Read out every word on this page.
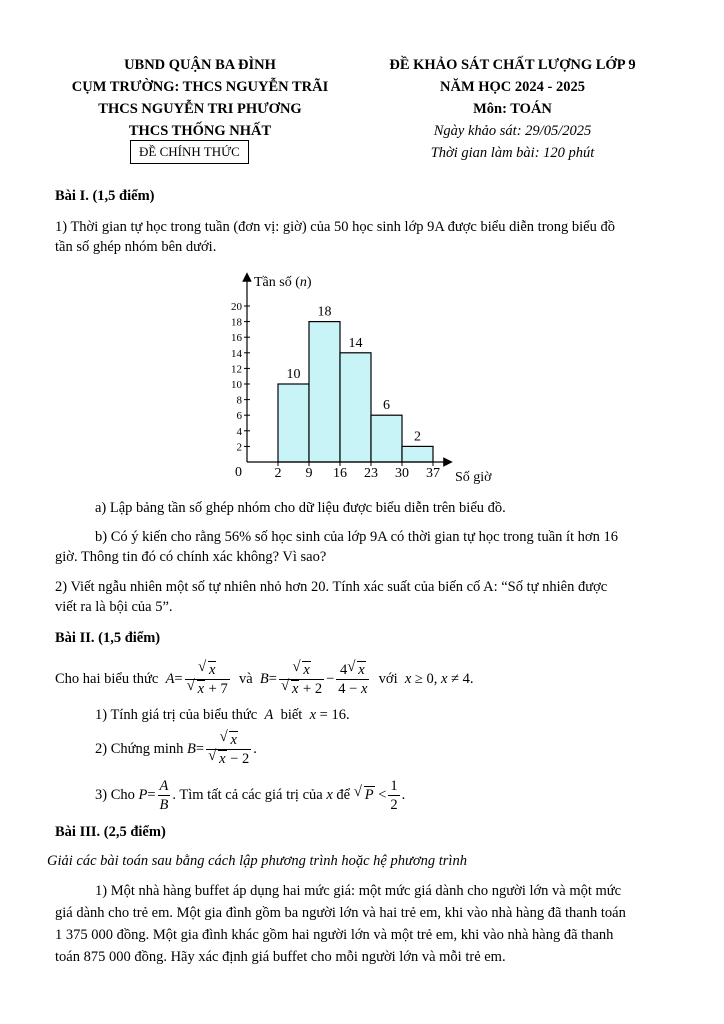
UBND QUẬN BA ĐÌNH
CỤM TRƯỜNG: THCS NGUYỄN TRÃI
THCS NGUYỄN TRI PHƯƠNG
THCS THỐNG NHẤT
ĐỀ CHÍNH THỨC
ĐỀ KHẢO SÁT CHẤT LƯỢNG LỚP 9
NĂM HỌC 2024 - 2025
Môn: TOÁN
Ngày khảo sát: 29/05/2025
Thời gian làm bài: 120 phút
Bài I. (1,5 điểm)
1) Thời gian tự học trong tuần (đơn vị: giờ) của 50 học sinh lớp 9A được biểu diễn trong biểu đồ
tần số ghép nhóm bên dưới.
10
18
14
6
2
2
4
6
8
10
12
14
16
18
20
2 9 16 23 30 37
Tần số (n)
Số giờ
0
a) Lập bảng tần số ghép nhóm cho dữ liệu được biểu diễn trên biểu đồ.
b) Có ý kiến cho rằng 56% số học sinh của lớp 9A có thời gian tự học trong tuần ít hơn 16
giờ. Thông tin đó có chính xác không? Vì sao?
2) Viết ngẫu nhiên một số tự nhiên nhỏ hơn 20. Tính xác suất của biến cố A: “Số tự nhiên được
viết ra là bội của 5”.
Bài II. (1,5 điểm)
Cho hai biểu thức
$A = \frac{√ x}{√ x + 7}$
và
$B = \frac{√ x}{√ x + 2} - \frac{4 √ x}{4 - x}$
với
x ≥ 0, x ≠ 4.
1) Tính giá trị của biểu thức A biết x = 16.
2) Chứng minh
$B = \frac{√ x}{√ x - 2}$ .
3) Cho
$P = \frac{A}{B}$ . Tìm tất cả các giá trị của
x
để
√ $P < \frac{1}{2}$ .
Bài III. (2,5 điểm)
Giải các bài toán sau bằng cách lập phương trình hoặc hệ phương trình
1) Một nhà hàng buffet áp dụng hai mức giá: một mức giá dành cho người lớn và một mức
giá dành cho trẻ em. Một gia đình gồm ba người lớn và hai trẻ em, khi vào nhà hàng đã thanh toán
1 375 000 đồng. Một gia đình khác gồm hai người lớn và một trẻ em, khi vào nhà hàng đã thanh
toán 875 000 đồng. Hãy xác định giá buffet cho mỗi người lớn và mỗi trẻ em.
